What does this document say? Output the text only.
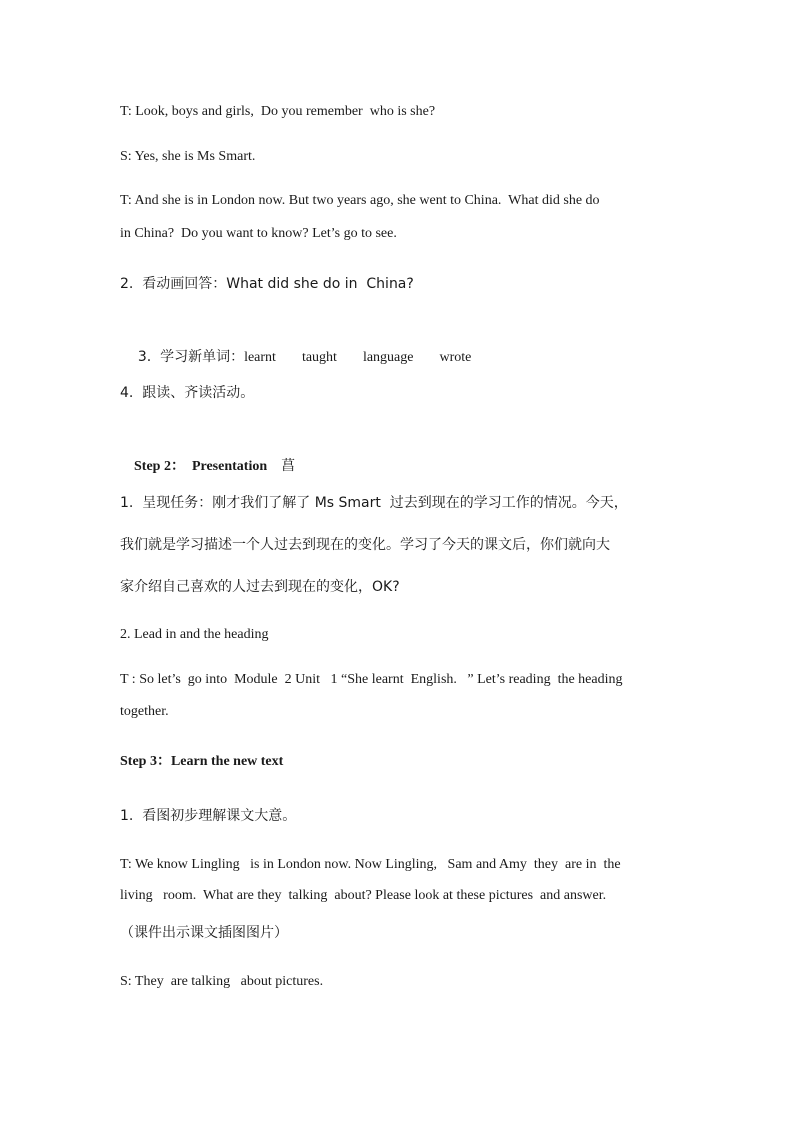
T: Look, boys and girls,  Do you remember  who is she?
S: Yes, she is Ms Smart.
T: And she is in London now. But two years ago, she went to China.  What did she do
in China?  Do you want to know? Let’s go to see.
2.  看动画回答：What did she do in  China?

3.  学习新单词：learnt taught language wrote

4.  跟读、齐读活动。

Step 2： Presentation 菖

1.  呈现任务：刚才我们了解了 Ms Smart  过去到现在的学习工作的情况。今天，
我们就是学习描述一个人过去到现在的变化。学习了今天的课文后，你们就向大
家介绍自己喜欢的人过去到现在的变化，OK?
2. Lead in and the heading
T : So let’s  go into  Module  2 Unit   1 “She learnt  English.   ” Let’s reading  the heading
together.
Step 3：Learn the new text
1.  看图初步理解课文大意。
T: We know Lingling   is in London now. Now Lingling,   Sam and Amy  they  are in  the
living   room.  What are they  talking  about? Please look at these pictures  and answer.
（课件出示课文插图图片）
S: They  are talking   about pictures.
